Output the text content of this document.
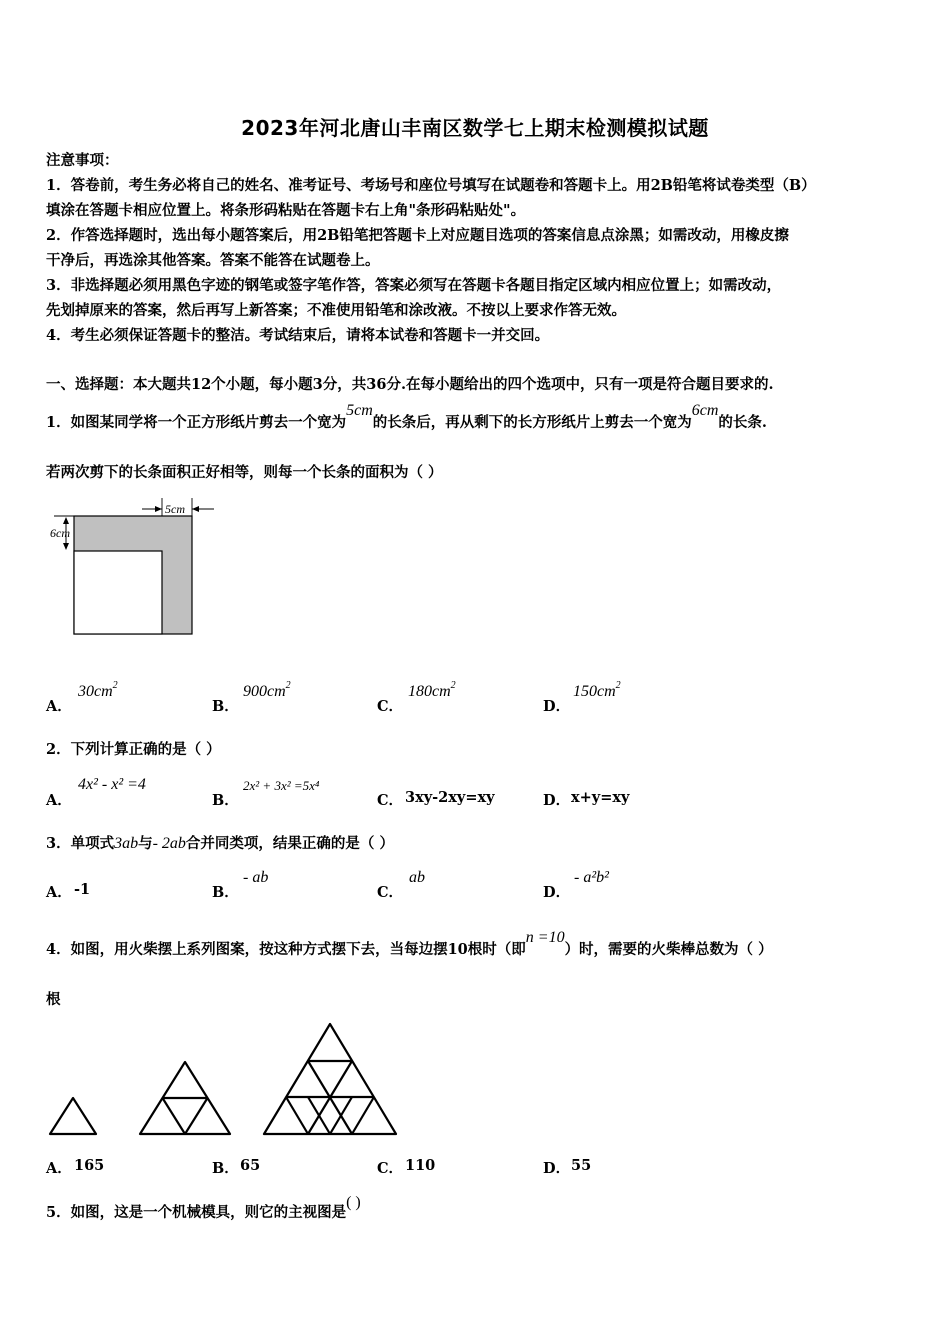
2023年河北唐山丰南区数学七上期末检测模拟试题
注意事项：
1．答卷前，考生务必将自己的姓名、准考证号、考场号和座位号填写在试题卷和答题卡上。用2B铅笔将试卷类型（B）
填涂在答题卡相应位置上。将条形码粘贴在答题卡右上角"条形码粘贴处"。
2．作答选择题时，选出每小题答案后，用2B铅笔把答题卡上对应题目选项的答案信息点涂黑；如需改动，用橡皮擦
干净后，再选涂其他答案。答案不能答在试题卷上。
3．非选择题必须用黑色字迹的钢笔或签字笔作答，答案必须写在答题卡各题目指定区域内相应位置上；如需改动，
先划掉原来的答案，然后再写上新答案；不准使用铅笔和涂改液。不按以上要求作答无效。
4．考生必须保证答题卡的整洁。考试结束后，请将本试卷和答题卡一并交回。
一、选择题：本大题共12个小题，每小题3分，共36分.在每小题给出的四个选项中，只有一项是符合题目要求的.
1．如图某同学将一个正方形纸片剪去一个宽为5cm的长条后，再从剩下的长方形纸片上剪去一个宽为6cm的长条.
若两次剪下的长条面积正好相等，则每一个长条的面积为（ ）
5cm
6cm
A．
$30cm^2$
B．
$900cm^2$
C．
$180cm^2$
D．
$150cm^2$
2．下列计算正确的是（ ）
A．
4x² - x² =4
B．
2x² + 3x² =5x⁴
C． 3xy-2xy=xy	D． x+y=xy
3．单项式3ab与- 2ab合并同类项，结果正确的是（ ）
A． -1	B．
- ab
C．
ab
D．
- a²b²
4．如图，用火柴摆上系列图案，按这种方式摆下去，当每边摆10根时（即n =10）时，需要的火柴棒总数为（ ）
根
A． 165	B． 65	C． 110	D． 55
5．如图，这是一个机械模具，则它的主视图是( )
